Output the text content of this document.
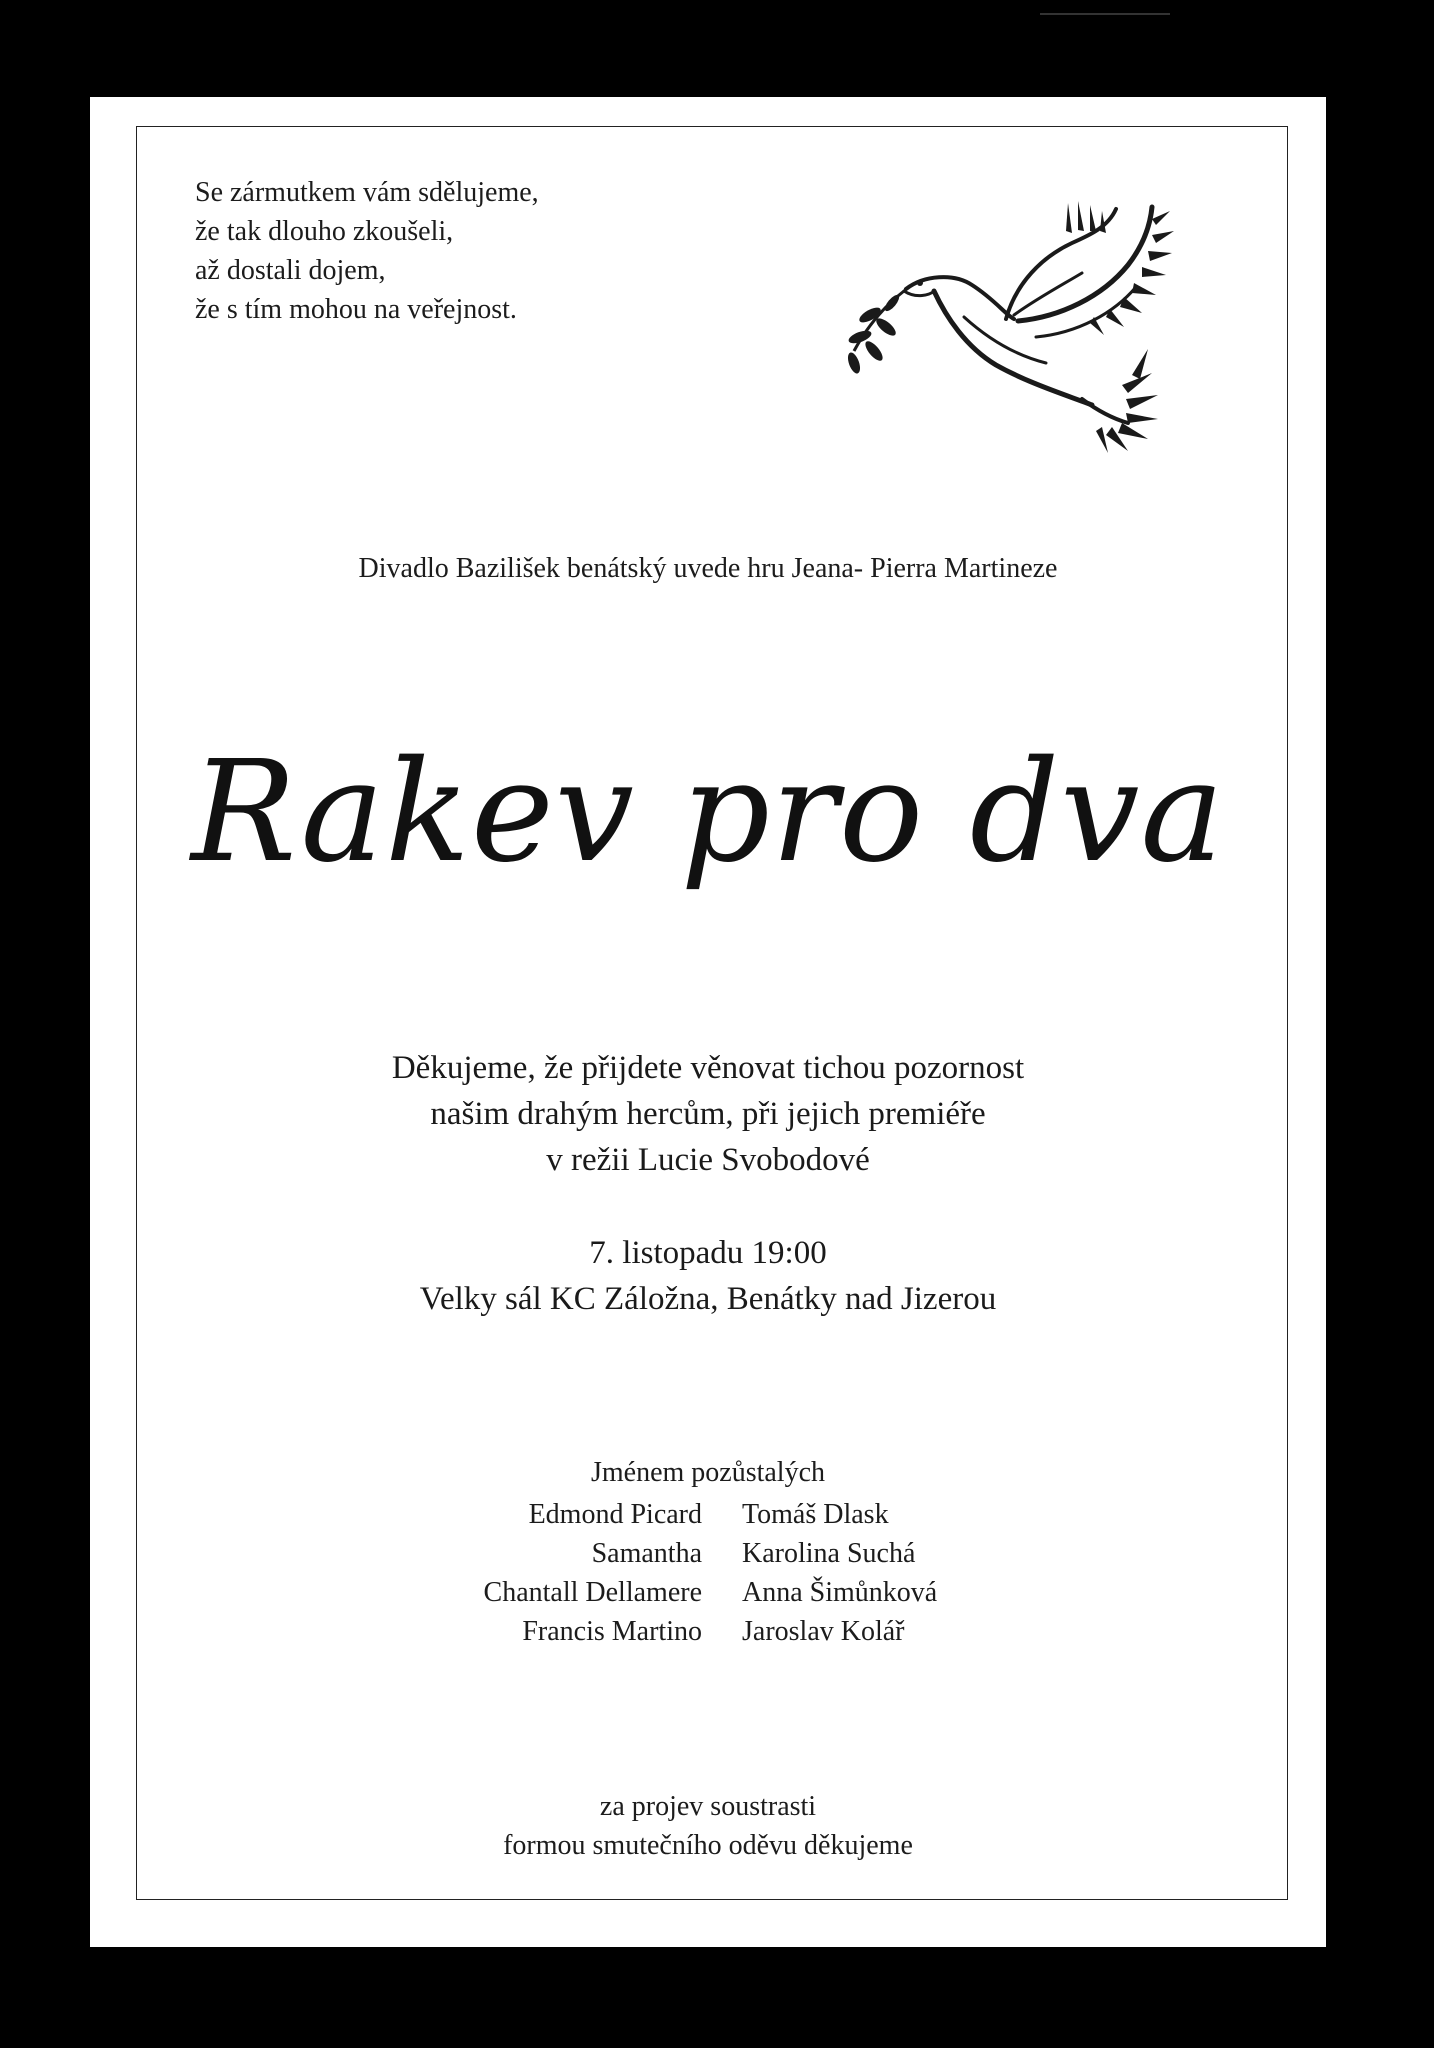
Se zármutkem vám sdělujeme,
že tak dlouho zkoušeli,
až dostali dojem,
že s tím mohou na veřejnost.
Divadlo Bazilišek benátský uvede hru Jeana- Pierra Martineze
Rakev pro dva
Děkujeme, že přijdete věnovat tichou pozornost
našim drahým hercům, při jejich premiéře
v režii Lucie Svobodové
7. listopadu 19:00
Velky sál KC Záložna, Benátky nad Jizerou
Jménem pozůstalých
Edmond Picard Tomáš Dlask
Samantha Karolina Suchá
Chantall Dellamere Anna Šimůnková
Francis Martino Jaroslav Kolář
za projev soustrasti
formou smutečního oděvu děkujeme
